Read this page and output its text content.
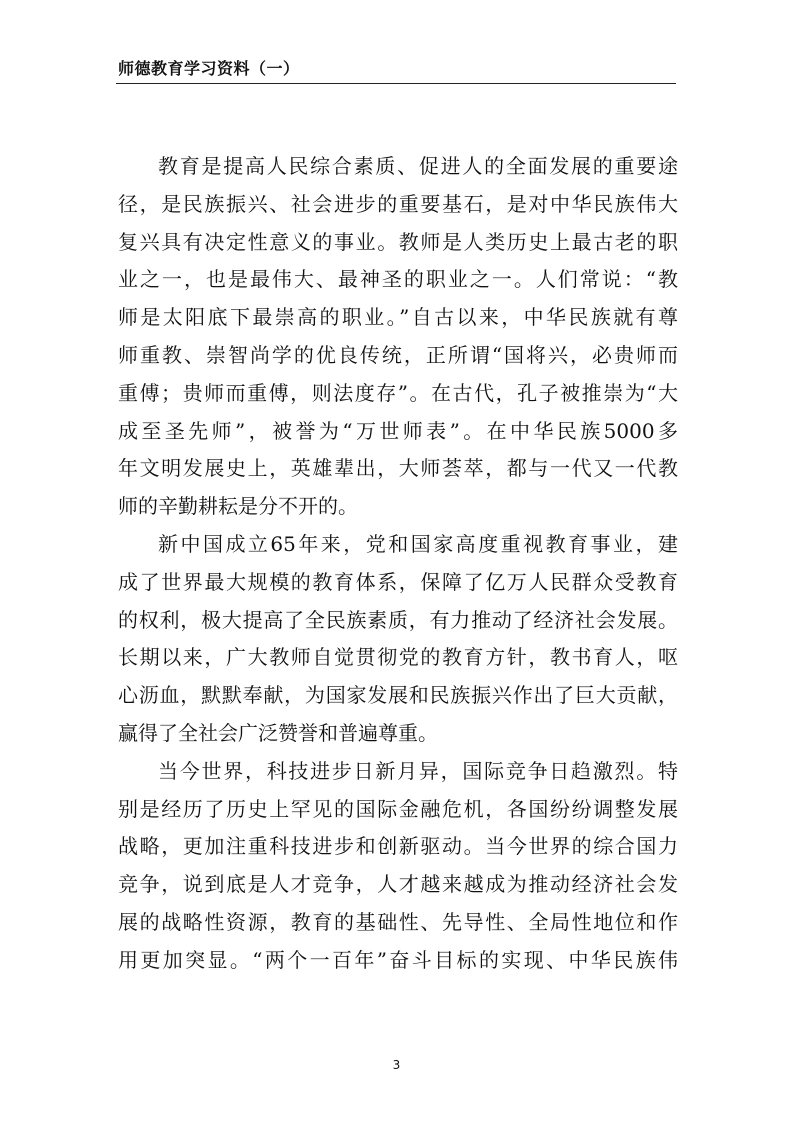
师德教育学习资料（一）
教育是提高人民综合素质、促进人的全面发展的重要途
径，是民族振兴、社会进步的重要基石，是对中华民族伟大
复兴具有决定性意义的事业。教师是人类历史上最古老的职
业之一，也是最伟大、最神圣的职业之一。人们常说：“教
师是太阳底下最崇高的职业。”自古以来，中华民族就有尊
师重教、崇智尚学的优良传统，正所谓“国将兴，必贵师而
重傅；贵师而重傅，则法度存”。在古代，孔子被推崇为“大
成至圣先师”，被誉为“万世师表”。在中华民族5000多
年文明发展史上，英雄辈出，大师荟萃，都与一代又一代教
师的辛勤耕耘是分不开的。
新中国成立65年来，党和国家高度重视教育事业，建
成了世界最大规模的教育体系，保障了亿万人民群众受教育
的权利，极大提高了全民族素质，有力推动了经济社会发展。
长期以来，广大教师自觉贯彻党的教育方针，教书育人，呕
心沥血，默默奉献，为国家发展和民族振兴作出了巨大贡献，
赢得了全社会广泛赞誉和普遍尊重。
当今世界，科技进步日新月异，国际竞争日趋激烈。特
别是经历了历史上罕见的国际金融危机，各国纷纷调整发展
战略，更加注重科技进步和创新驱动。当今世界的综合国力
竞争，说到底是人才竞争，人才越来越成为推动经济社会发
展的战略性资源，教育的基础性、先导性、全局性地位和作
用更加突显。“两个一百年”奋斗目标的实现、中华民族伟
3
